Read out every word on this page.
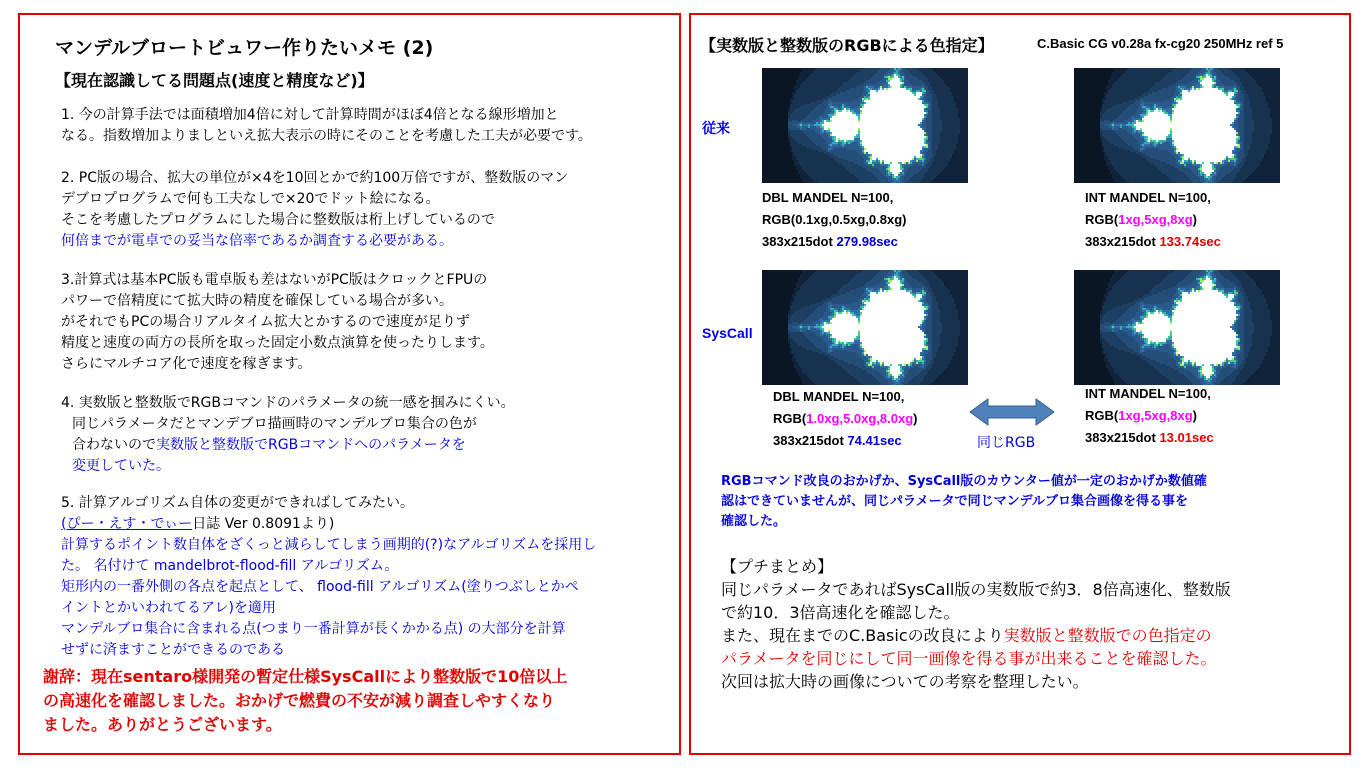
マンデルブロートビュワー作りたいメモ (2)
【現在認識してる問題点(速度と精度など)】
1. 今の計算手法では面積増加4倍に対して計算時間がほぼ4倍となる線形増加と
なる。指数増加よりましといえ拡大表示の時にそのことを考慮した工夫が必要です。
2. PC版の場合、拡大の単位が×4を10回とかで約100万倍ですが、整数版のマン
デブロプログラムで何も工夫なしで×20でドット絵になる。
そこを考慮したプログラムにした場合に整数版は桁上げしているので
何倍までが電卓での妥当な倍率であるか調査する必要がある。
3.計算式は基本PC版も電卓版も差はないがPC版はクロックとFPUの
パワーで倍精度にて拡大時の精度を確保している場合が多い。
がそれでもPCの場合リアルタイム拡大とかするので速度が足りず
精度と速度の両方の長所を取った固定小数点演算を使ったりします。
さらにマルチコア化で速度を稼ぎます。
4. 実数版と整数版でRGBコマンドのパラメータの統一感を掴みにくい。
同じパラメータだとマンデブロ描画時のマンデルブロ集合の色が
合わないので実数版と整数版でRGBコマンドへのパラメータを
変更していた。
5. 計算アルゴリズム自体の変更ができればしてみたい。
(ぴー・えす・でぃー日誌 Ver 0.8091より)
計算するポイント数自体をざくっと減らしてしまう画期的(?)なアルゴリズムを採用し
た。 名付けて mandelbrot-flood-fill アルゴリズム。
矩形内の一番外側の各点を起点として、 flood-fill アルゴリズム(塗りつぶしとかペ
イントとかいわれてるアレ)を適用
マンデルブロ集合に含まれる点(つまり一番計算が長くかかる点) の大部分を計算
せずに済ますことができるのである
謝辞：現在sentaro様開発の暫定仕様SysCallにより整数版で10倍以上
の高速化を確認しました。おかげで燃費の不安が減り調査しやすくなり
ました。ありがとうございます。
【実数版と整数版のRGBによる色指定】	C.Basic CG v0.28a fx-cg20 250MHz ref 5
従来
SysCall
DBL MANDEL N=100,
RGB(0.1xg,0.5xg,0.8xg)
383x215dot 279.98sec
INT MANDEL N=100,
RGB(1xg,5xg,8xg)
383x215dot 133.74sec
DBL MANDEL N=100,
RGB(1.0xg,5.0xg,8.0xg)
383x215dot 74.41sec
INT MANDEL N=100,
RGB(1xg,5xg,8xg)
383x215dot 13.01sec
同じRGB
RGBコマンド改良のおかげか、SysCall版のカウンター値が一定のおかげか数値確
認はできていませんが、同じパラメータで同じマンデルブロ集合画像を得る事を
確認した。
【プチまとめ】
同じパラメータであればSysCall版の実数版で約3．8倍高速化、整数版
で約10．3倍高速化を確認した。
また、現在までのC.Basicの改良により実数版と整数版での色指定の
パラメータを同じにして同一画像を得る事が出来ることを確認した。
次回は拡大時の画像についての考察を整理したい。
